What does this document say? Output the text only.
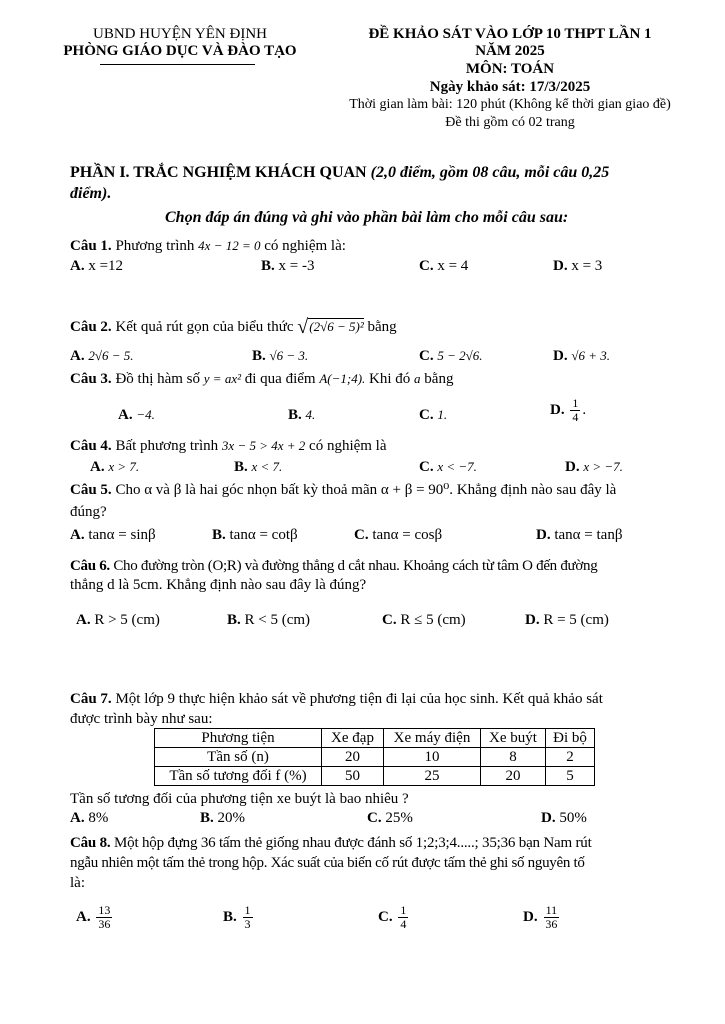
UBND HUYỆN YÊN ĐỊNH
PHÒNG GIÁO DỤC VÀ ĐÀO TẠO
ĐỀ KHẢO SÁT VÀO LỚP 10 THPT LẦN 1
NĂM 2025
MÔN: TOÁN
Ngày khảo sát: 17/3/2025
Thời gian làm bài: 120 phút (Không kể thời gian giao đề)
Đề thi gồm có 02 trang
PHẦN I. TRẮC NGHIỆM KHÁCH QUAN (2,0 điểm, gồm 08 câu, mỗi câu 0,25
điểm).
Chọn đáp án đúng và ghi vào phần bài làm cho mỗi câu sau:
Câu 1. Phương trình 4x − 12 = 0 có nghiệm là:
A. x =12	B. x = -3	C. x = 4	D. x = 3
Câu 2. Kết quả rút gọn của biểu thức √(2√6 − 5)² bằng
A. 2√6 − 5.	B. √6 − 3.	C. 5 − 2√6.	D. √6 + 3.
Câu 3. Đồ thị hàm số y = ax² đi qua điểm A(−1;4). Khi đó a bằng
A. −4.	B. 4.	C. 1.	D. $\frac{1}{4}$ .
Câu 4. Bất phương trình 3x − 5 > 4x + 2 có nghiệm là
A. x > 7.	B. x < 7.	C. x < −7.	D. x > −7.
Câu 5. Cho α và β là hai góc nhọn bất kỳ thoả mãn α + β = 90⁰. Khẳng định nào sau đây là
đúng?
A. tanα = sinβ	B. tanα = cotβ	C. tanα = cosβ	D. tanα = tanβ
Câu 6. Cho đường tròn (O;R) và đường thẳng d cắt nhau. Khoảng cách từ tâm O đến đường
thẳng d là 5cm. Khẳng định nào sau đây là đúng?
A. R > 5 (cm)	B. R < 5 (cm)	C. R ≤ 5 (cm)	D. R = 5 (cm)
Câu 7. Một lớp 9 thực hiện khảo sát về phương tiện đi lại của học sinh. Kết quả khảo sát
được trình bày như sau:
Phương tiện	Xe đạp	Xe máy điện	Xe buýt	Đi bộ
Tần số (n)	20	10	8	2
Tần số tương đối f (%)	50	25	20	5
Tần số tương đối của phương tiện xe buýt là bao nhiêu ?
A. 8%	B. 20%	C. 25%	D. 50%
Câu 8. Một hộp đựng 36 tấm thẻ giống nhau được đánh số 1;2;3;4.....; 35;36 bạn Nam rút
ngẫu nhiên một tấm thẻ trong hộp. Xác suất của biến cố rút được tấm thẻ ghi số nguyên tố
là:
A. $\frac{13}{36}$	B. $\frac{1}{3}$	C. $\frac{1}{4}$	D. $\frac{11}{36}$
